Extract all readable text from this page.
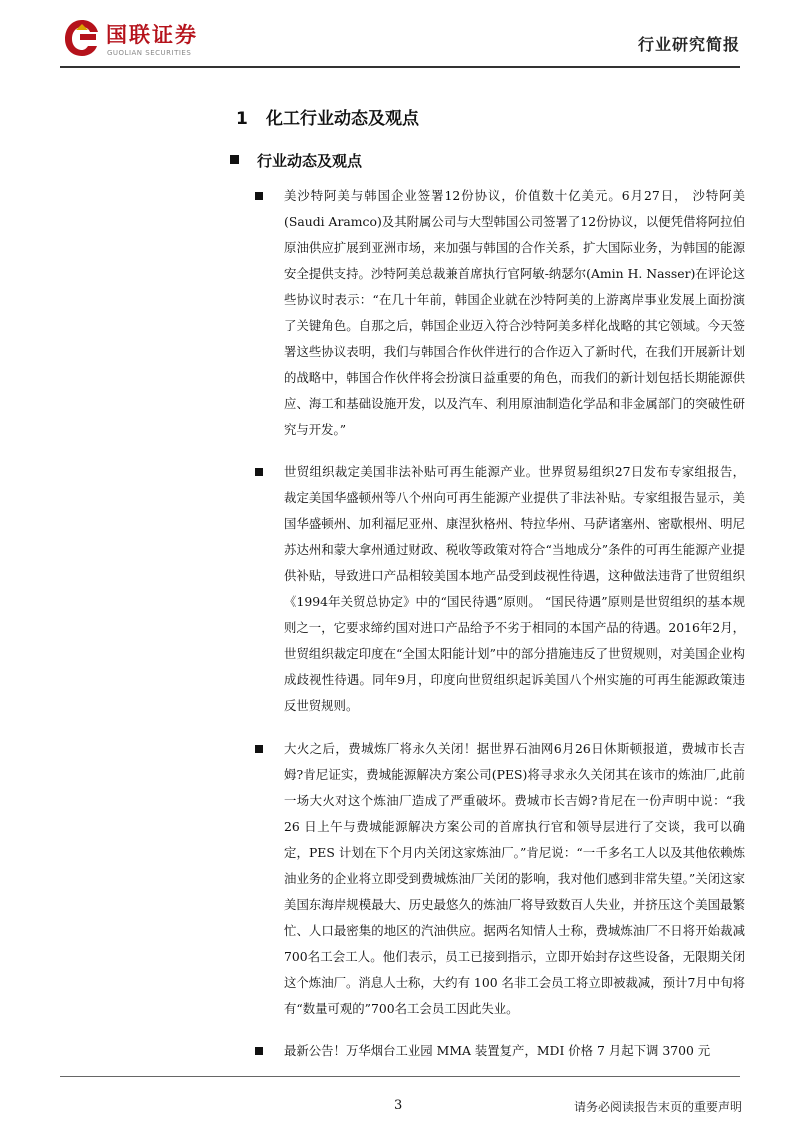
国联证券
GUOLIAN SECURITIES	行业研究简报
1 化工行业动态及观点
行业动态及观点
美沙特阿美与韩国企业签署12份协议，价值数十亿美元。6月27日， 沙特阿美(Saudi Aramco)及其附属公司与大型韩国公司签署了12份协议，以便凭借将阿拉伯原油供应扩展到亚洲市场，来加强与韩国的合作关系，扩大国际业务，为韩国的能源安全提供支持。沙特阿美总裁兼首席执行官阿敏-纳瑟尔(Amin H. Nasser)在评论这些协议时表示：“在几十年前，韩国企业就在沙特阿美的上游离岸事业发展上面扮演了关键角色。自那之后，韩国企业迈入符合沙特阿美多样化战略的其它领域。今天签署这些协议表明，我们与韩国合作伙伴进行的合作迈入了新时代，在我们开展新计划的战略中，韩国合作伙伴将会扮演日益重要的角色，而我们的新计划包括长期能源供应、海工和基础设施开发，以及汽车、利用原油制造化学品和非金属部门的突破性研究与开发。”
世贸组织裁定美国非法补贴可再生能源产业。世界贸易组织27日发布专家组报告，裁定美国华盛顿州等八个州向可再生能源产业提供了非法补贴。专家组报告显示，美国华盛顿州、加利福尼亚州、康涅狄格州、特拉华州、马萨诸塞州、密歇根州、明尼苏达州和蒙大拿州通过财政、税收等政策对符合“当地成分”条件的可再生能源产业提供补贴，导致进口产品相较美国本地产品受到歧视性待遇，这种做法违背了世贸组织《1994年关贸总协定》中的“国民待遇”原则。 “国民待遇”原则是世贸组织的基本规则之一，它要求缔约国对进口产品给予不劣于相同的本国产品的待遇。2016年2月，世贸组织裁定印度在“全国太阳能计划”中的部分措施违反了世贸规则，对美国企业构成歧视性待遇。同年9月，印度向世贸组织起诉美国八个州实施的可再生能源政策违反世贸规则。
大火之后，费城炼厂将永久关闭！据世界石油网6月26日休斯顿报道，费城市长吉姆?肯尼证实，费城能源解决方案公司(PES)将寻求永久关闭其在该市的炼油厂,此前一场大火对这个炼油厂造成了严重破坏。费城市长吉姆?肯尼在一份声明中说：“我 26 日上午与费城能源解决方案公司的首席执行官和领导层进行了交谈，我可以确定，PES 计划在下个月内关闭这家炼油厂。”肯尼说：“一千多名工人以及其他依赖炼油业务的企业将立即受到费城炼油厂关闭的影响，我对他们感到非常失望。”关闭这家美国东海岸规模最大、历史最悠久的炼油厂将导致数百人失业，并挤压这个美国最繁忙、人口最密集的地区的汽油供应。据两名知情人士称，费城炼油厂不日将开始裁减700名工会工人。他们表示，员工已接到指示，立即开始封存这些设备，无限期关闭这个炼油厂。消息人士称，大约有 100 名非工会员工将立即被裁减，预计7月中旬将有“数量可观的”700名工会员工因此失业。
最新公告！万华烟台工业园 MMA 装置复产，MDI 价格 7 月起下调 3700 元
3	请务必阅读报告末页的重要声明
